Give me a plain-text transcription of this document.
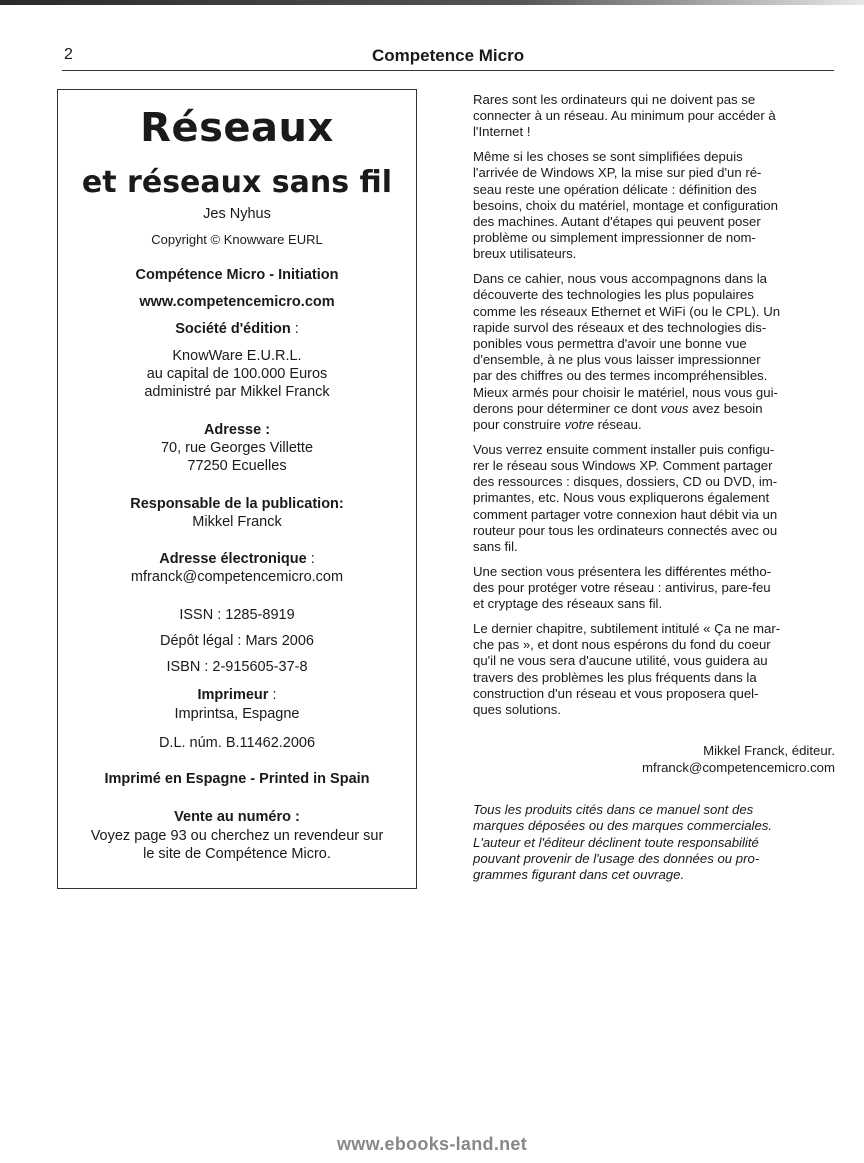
2	Competence Micro
Réseaux
et réseaux sans fil
Jes Nyhus
Copyright © Knowware EURL
Compétence Micro - Initiation
www.competencemicro.com
Société d'édition :
KnowWare E.U.R.L.
au capital de 100.000 Euros
administré par Mikkel Franck
Adresse :
70, rue Georges Villette
77250 Ecuelles
Responsable de la publication:
Mikkel Franck
Adresse électronique :
mfranck@competencemicro.com
ISSN : 1285-8919
Dépôt légal : Mars 2006
ISBN : 2-915605-37-8
Imprimeur :
Imprintsa, Espagne
D.L. núm. B.11462.2006
Imprimé en Espagne - Printed in Spain
Vente au numéro :
Voyez page 93 ou cherchez un revendeur sur
le site de Compétence Micro.

Rares sont les ordinateurs qui ne doivent pas se
connecter à un réseau. Au minimum pour accéder à
l'Internet !

Même si les choses se sont simplifiées depuis
l'arrivée de Windows XP, la mise sur pied d'un ré-
seau reste une opération délicate : définition des
besoins, choix du matériel, montage et configuration
des machines. Autant d'étapes qui peuvent poser
problème ou simplement impressionner de nom-
breux utilisateurs.

Dans ce cahier, nous vous accompagnons dans la
découverte des technologies les plus populaires
comme les réseaux Ethernet et WiFi (ou le CPL). Un
rapide survol des réseaux et des technologies dis-
ponibles vous permettra d'avoir une bonne vue
d'ensemble, à ne plus vous laisser impressionner
par des chiffres ou des termes incompréhensibles.
Mieux armés pour choisir le matériel, nous vous gui-
derons pour déterminer ce dont vous avez besoin
pour construire votre réseau.

Vous verrez ensuite comment installer puis configu-
rer le réseau sous Windows XP. Comment partager
des ressources : disques, dossiers, CD ou DVD, im-
primantes, etc. Nous vous expliquerons également
comment partager votre connexion haut débit via un
routeur pour tous les ordinateurs connectés avec ou
sans fil.

Une section vous présentera les différentes métho-
des pour protéger votre réseau : antivirus, pare-feu
et cryptage des réseaux sans fil.

Le dernier chapitre, subtilement intitulé « Ça ne mar-
che pas », et dont nous espérons du fond du coeur
qu'il ne vous sera d'aucune utilité, vous guidera au
travers des problèmes les plus fréquents dans la
construction d'un réseau et vous proposera quel-
ques solutions.

Mikkel Franck, éditeur.
mfranck@competencemicro.com
Tous les produits cités dans ce manuel sont des
marques déposées ou des marques commerciales.
L'auteur et l'éditeur déclinent toute responsabilité
pouvant provenir de l'usage des données ou pro-
grammes figurant dans cet ouvrage.
www.ebooks-land.net
